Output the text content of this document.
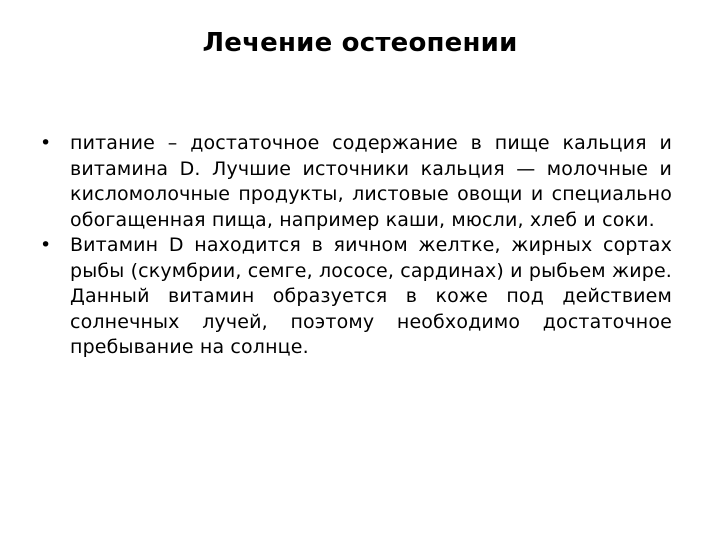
Лечение остеопении
• питание – достаточное содержание в пище кальция и витамина D. Лучшие источники кальция — молочные и кисломолочные продукты, листовые овощи и специально обогащенная пища, например каши, мюсли, хлеб и соки.
• Витамин D находится в яичном желтке, жирных сортах рыбы (скумбрии, семге, лососе, сардинах) и рыбьем жире. Данный витамин образуется в коже под действием солнечных лучей, поэтому необходимо достаточное пребывание на солнце.
